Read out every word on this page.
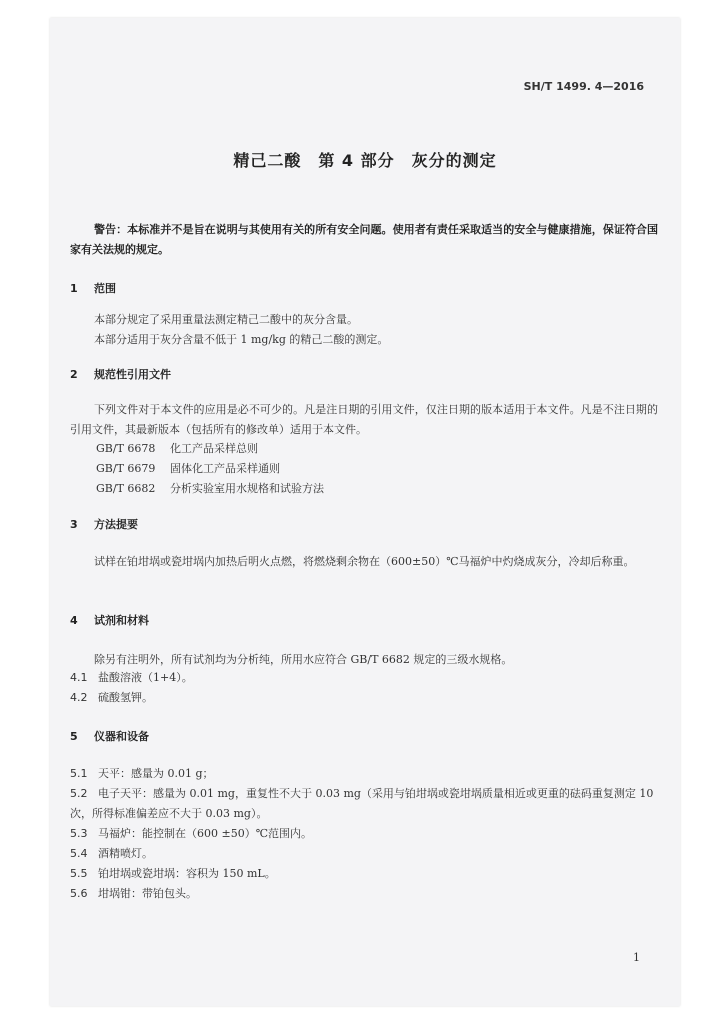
SH/T 1499. 4—2016
精己二酸　第 4 部分　灰分的测定
警告：本标准并不是旨在说明与其使用有关的所有安全问题。使用者有责任采取适当的安全与健康措施，保证符合国家有关法规的规定。
1 范围
本部分规定了采用重量法测定精己二酸中的灰分含量。
本部分适用于灰分含量不低于 1 mg/kg 的精己二酸的测定。
2 规范性引用文件
下列文件对于本文件的应用是必不可少的。凡是注日期的引用文件，仅注日期的版本适用于本文件。凡是不注日期的引用文件，其最新版本（包括所有的修改单）适用于本文件。
GB/T 6678 化工产品采样总则
GB/T 6679 固体化工产品采样通则
GB/T 6682 分析实验室用水规格和试验方法
3 方法提要
试样在铂坩埚或瓷坩埚内加热后明火点燃，将燃烧剩余物在（600±50）℃马福炉中灼烧成灰分，冷却后称重。
4 试剂和材料
除另有注明外，所有试剂均为分析纯，所用水应符合 GB/T 6682 规定的三级水规格。
4.1 盐酸溶液（1+4）。
4.2 硫酸氢钾。
5 仪器和设备
5.1 天平：感量为 0.01 g；
5.2 电子天平：感量为 0.01 mg，重复性不大于 0.03 mg（采用与铂坩埚或瓷坩埚质量相近或更重的砝码重复测定 10 次，所得标准偏差应不大于 0.03 mg）。
5.3 马福炉：能控制在（600 ±50）℃范围内。
5.4 酒精喷灯。
5.5 铂坩埚或瓷坩埚：容积为 150 mL。
5.6 坩埚钳：带铂包头。
1
